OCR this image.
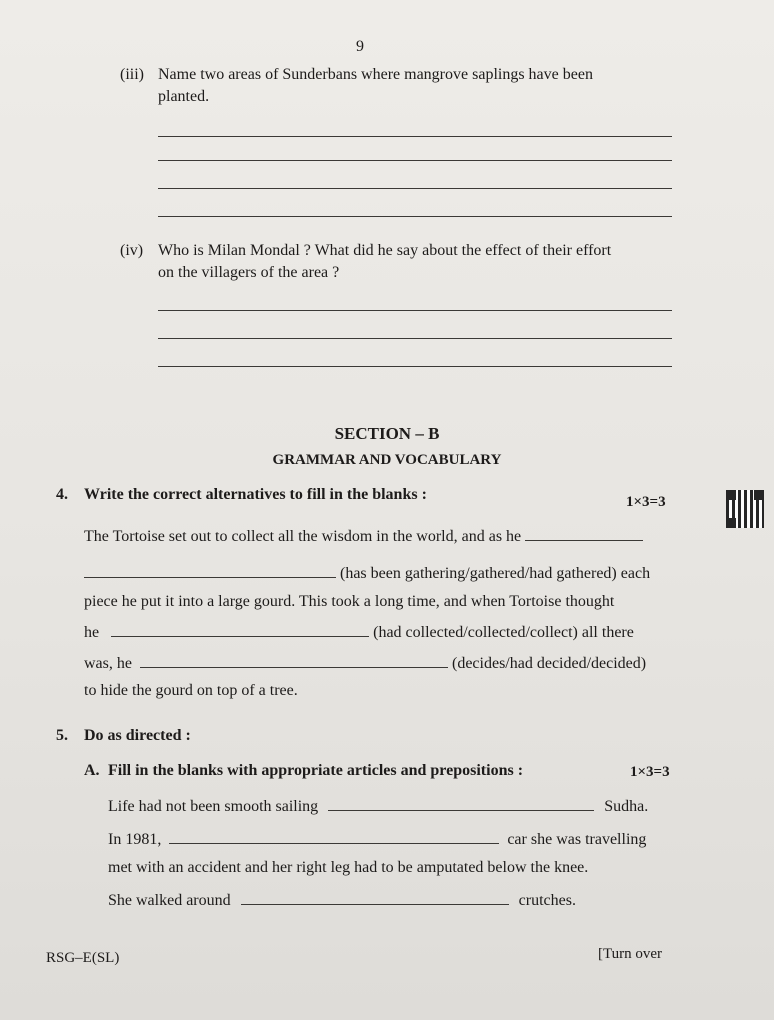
9
(iii) Name two areas of Sunderbans where mangrove saplings have been
planted.
(iv) Who is Milan Mondal ? What did he say about the effect of their effort
on the villagers of the area ?
SECTION – B
GRAMMAR AND VOCABULARY
4. Write the correct alternatives to fill in the blanks :	1×3=3
The Tortoise set out to collect all the wisdom in the world, and as he
(has been gathering/gathered/had gathered) each
piece he put it into a large gourd. This took a long time, and when Tortoise thought
he	(had collected/collected/collect) all there
was, he	(decides/had decided/decided)
to hide the gourd on top of a tree.
5. Do as directed :
A. Fill in the blanks with appropriate articles and prepositions :	1×3=3
Life had not been smooth sailing	Sudha.
In 1981,	car she was travelling
met with an accident and her right leg had to be amputated below the knee.
She walked around	crutches.
RSG–E(SL)	[Turn over
